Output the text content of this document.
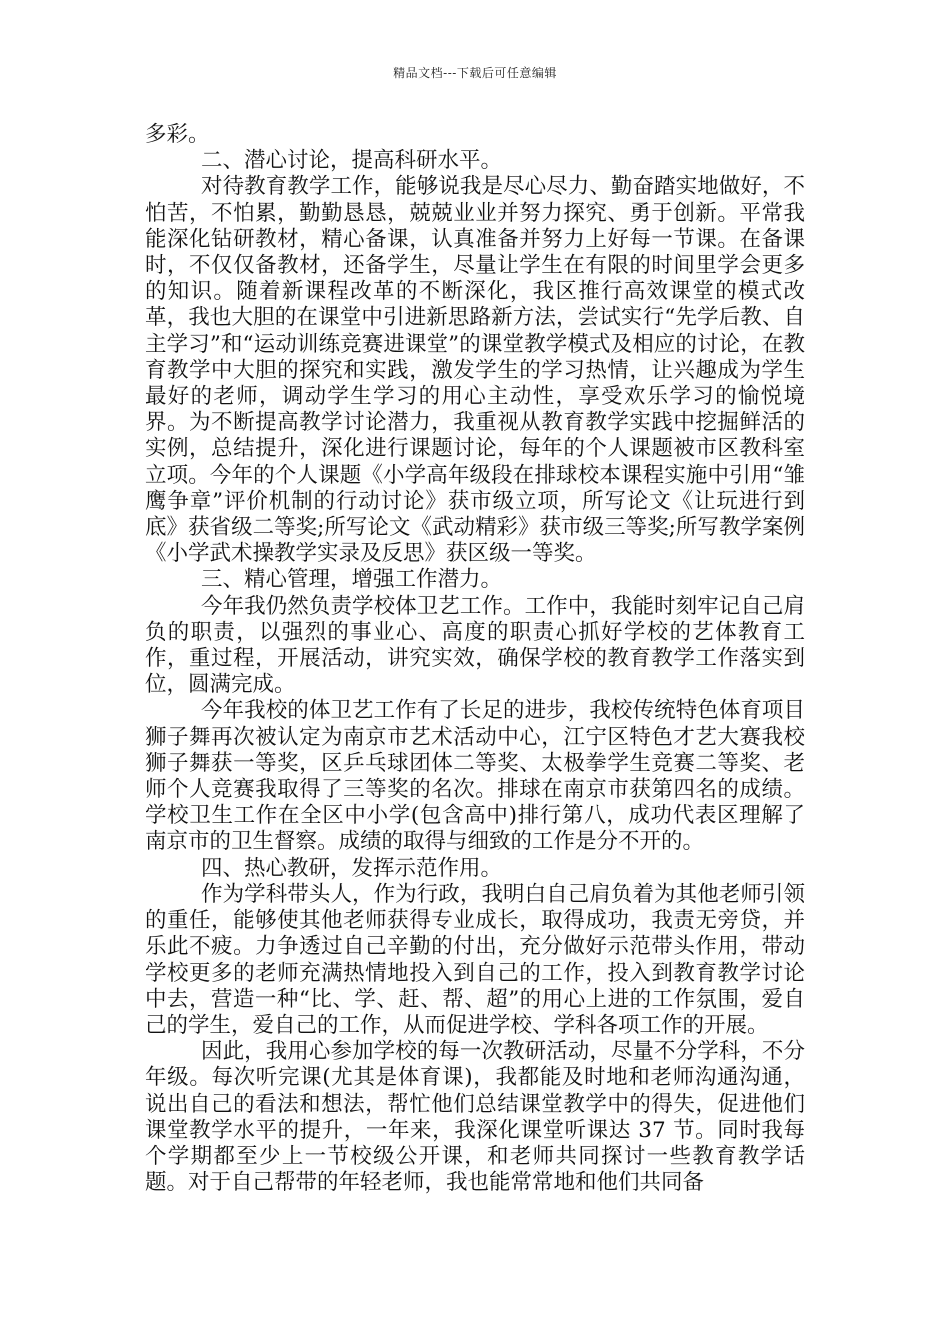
精品文档---下载后可任意编辑

多彩。

二、潜心讨论，提高科研水平。

对待教育教学工作，能够说我是尽心尽力、勤奋踏实地做好，不怕苦，不怕累，勤勤恳恳，兢兢业业并努力探究、勇于创新。平常我能深化钻研教材，精心备课，认真准备并努力上好每一节课。在备课时，不仅仅备教材，还备学生，尽量让学生在有限的时间里学会更多的知识。随着新课程改革的不断深化，我区推行高效课堂的模式改革，我也大胆的在课堂中引进新思路新方法，尝试实行“先学后教、自主学习”和“运动训练竞赛进课堂”的课堂教学模式及相应的讨论，在教育教学中大胆的探究和实践，激发学生的学习热情，让兴趣成为学生最好的老师，调动学生学习的用心主动性，享受欢乐学习的愉悦境界。为不断提高教学讨论潜力，我重视从教育教学实践中挖掘鲜活的实例，总结提升，深化进行课题讨论，每年的个人课题被市区教科室立项。今年的个人课题《小学高年级段在排球校本课程实施中引用“雏鹰争章”评价机制的行动讨论》获市级立项，所写论文《让玩进行到底》获省级二等奖;所写论文《武动精彩》获市级三等奖;所写教学案例《小学武术操教学实录及反思》获区级一等奖。

三、精心管理，增强工作潜力。

今年我仍然负责学校体卫艺工作。工作中，我能时刻牢记自己肩负的职责，以强烈的事业心、高度的职责心抓好学校的艺体教育工作，重过程，开展活动，讲究实效，确保学校的教育教学工作落实到位，圆满完成。

今年我校的体卫艺工作有了长足的进步，我校传统特色体育项目狮子舞再次被认定为南京市艺术活动中心，江宁区特色才艺大赛我校狮子舞获一等奖，区乒乓球团体二等奖、太极拳学生竞赛二等奖、老师个人竞赛我取得了三等奖的名次。排球在南京市获第四名的成绩。学校卫生工作在全区中小学(包含高中)排行第八，成功代表区理解了南京市的卫生督察。成绩的取得与细致的工作是分不开的。

四、热心教研，发挥示范作用。

作为学科带头人，作为行政，我明白自己肩负着为其他老师引领的重任，能够使其他老师获得专业成长，取得成功，我责无旁贷，并乐此不疲。力争透过自己辛勤的付出，充分做好示范带头作用，带动学校更多的老师充满热情地投入到自己的工作，投入到教育教学讨论中去，营造一种“比、学、赶、帮、超”的用心上进的工作氛围，爱自己的学生，爱自己的工作，从而促进学校、学科各项工作的开展。

因此，我用心参加学校的每一次教研活动，尽量不分学科，不分年级。每次听完课(尤其是体育课)，我都能及时地和老师沟通沟通，说出自己的看法和想法，帮忙他们总结课堂教学中的得失，促进他们课堂教学水平的提升，一年来，我深化课堂听课达 37 节。同时我每个学期都至少上一节校级公开课，和老师共同探讨一些教育教学话题。对于自己帮带的年轻老师，我也能常常地和他们共同备
